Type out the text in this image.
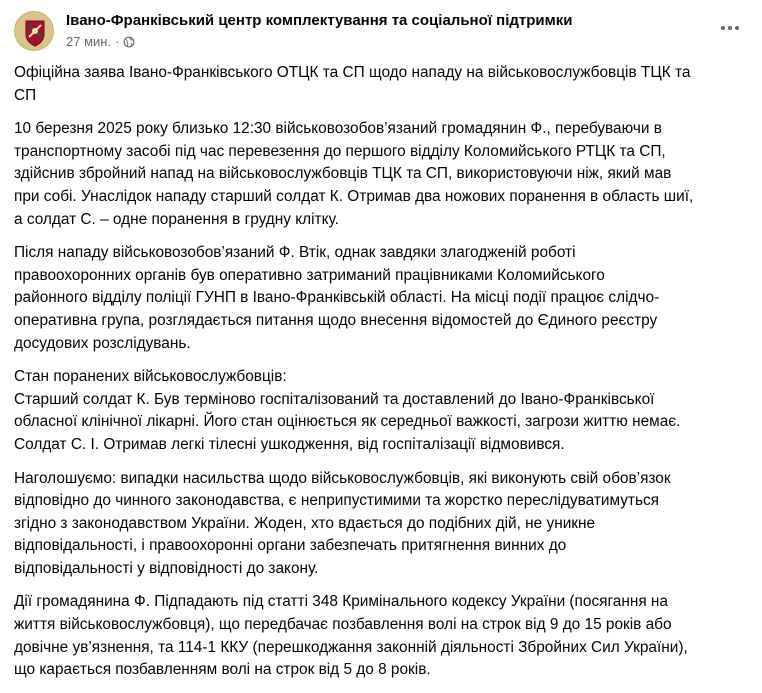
Івано-Франківський центр комплектування та соціальної підтримки
27 мин. ·

Офіційна заява Івано-Франківського ОТЦК та СП щодо нападу на військовослужбовців ТЦК та
СП

10 березня 2025 року близько 12:30 військовозобов’язаний громадянин Ф., перебуваючи в
транспортному засобі під час перевезення до першого відділу Коломийського РТЦК та СП,
здійснив збройний напад на військовослужбовців ТЦК та СП, використовуючи ніж, який мав
при собі. Унаслідок нападу старший солдат К. Отримав два ножових поранення в область шиї,
а солдат С. – одне поранення в грудну клітку.

Після нападу військовозобов’язаний Ф. Втік, однак завдяки злагодженій роботі
правоохоронних органів був оперативно затриманий працівниками Коломийського
районного відділу поліції ГУНП в Івано-Франківській області. На місці події працює слідчо-
оперативна група, розглядається питання щодо внесення відомостей до Єдиного реєстру
досудових розслідувань.

Стан поранених військовослужбовців:
Старший солдат К. Був терміново госпіталізований та доставлений до Івано-Франківської
обласної клінічної лікарні. Його стан оцінюється як середньої важкості, загрози життю немає.
Солдат С. І. Отримав легкі тілесні ушкодження, від госпіталізації відмовився.

Наголошуємо: випадки насильства щодо військовослужбовців, які виконують свій обов’язок
відповідно до чинного законодавства, є неприпустимими та жорстко переслідуватимуться
згідно з законодавством України. Жоден, хто вдається до подібних дій, не уникне
відповідальності, і правоохоронні органи забезпечать притягнення винних до
відповідальності у відповідності до закону.

Дії громадянина Ф. Підпадають під статті 348 Кримінального кодексу України (посягання на
життя військовослужбовця), що передбачає позбавлення волі на строк від 9 до 15 років або
довічне ув’язнення, та 114-1 ККУ (перешкоджання законній діяльності Збройних Сил України),
що карається позбавленням волі на строк від 5 до 8 років.
